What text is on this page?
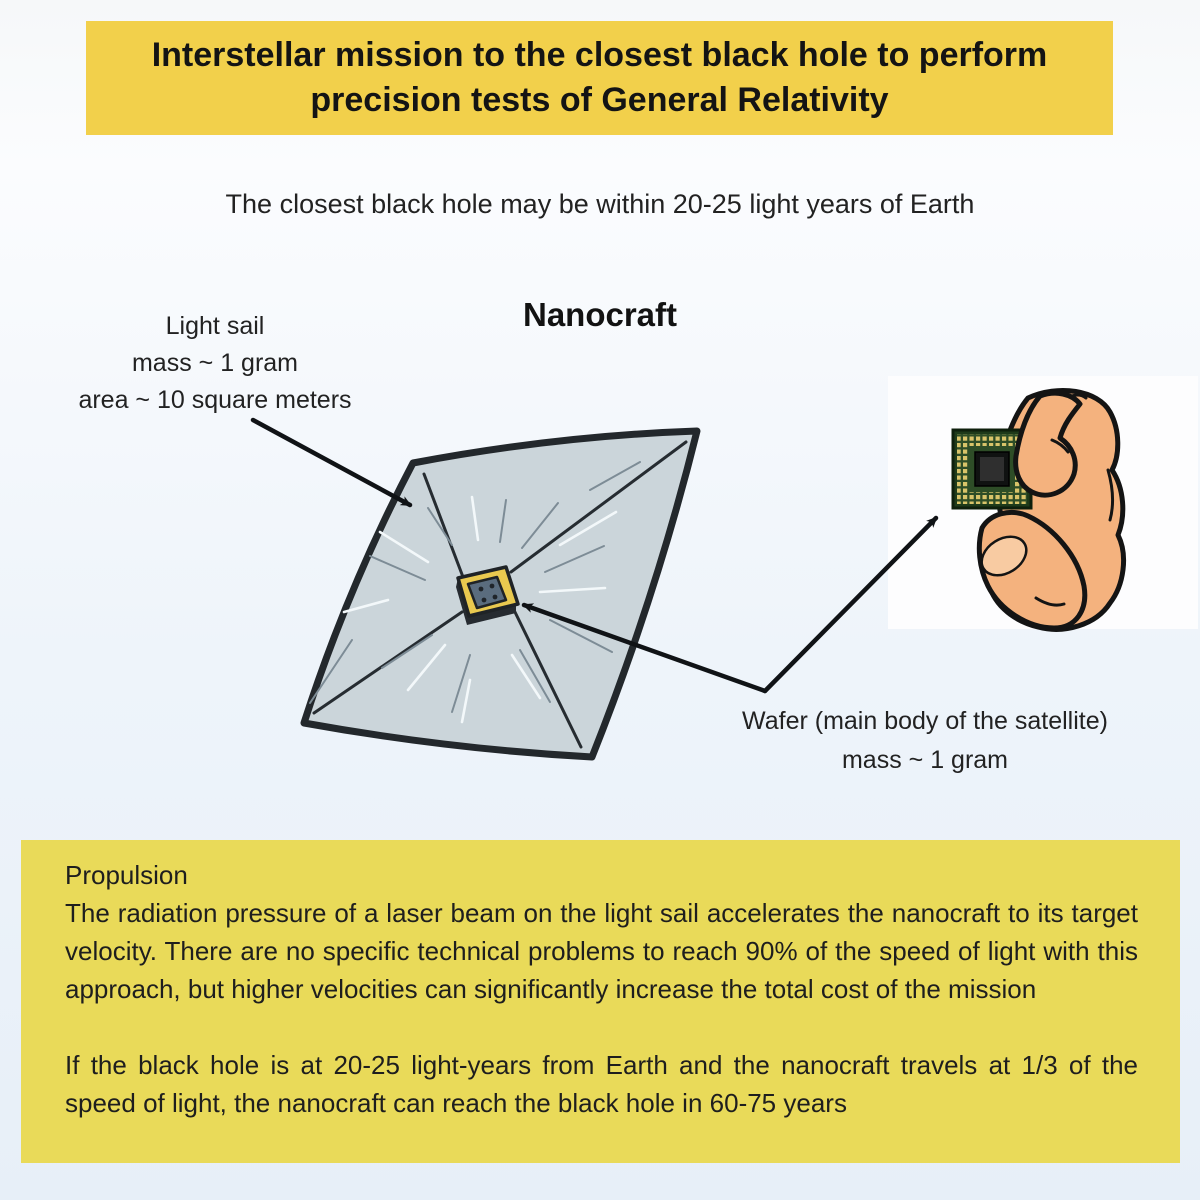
Interstellar mission to the closest black hole to perform precision tests of General Relativity
The closest black hole may be within 20-25 light years of Earth
Nanocraft
Light sail
mass ~ 1 gram
area ~ 10 square meters
Wafer (main body of the satellite)
mass ~ 1 gram
Propulsion

The radiation pressure of a laser beam on the light sail accelerates the nanocraft to its target velocity. There are no specific technical problems to reach 90% of the speed of light with this approach, but higher velocities can significantly increase the total cost of the mission

If the black hole is at 20-25 light-years from Earth and the nanocraft travels at 1/3 of the speed of light, the nanocraft can reach the black hole in 60-75 years
